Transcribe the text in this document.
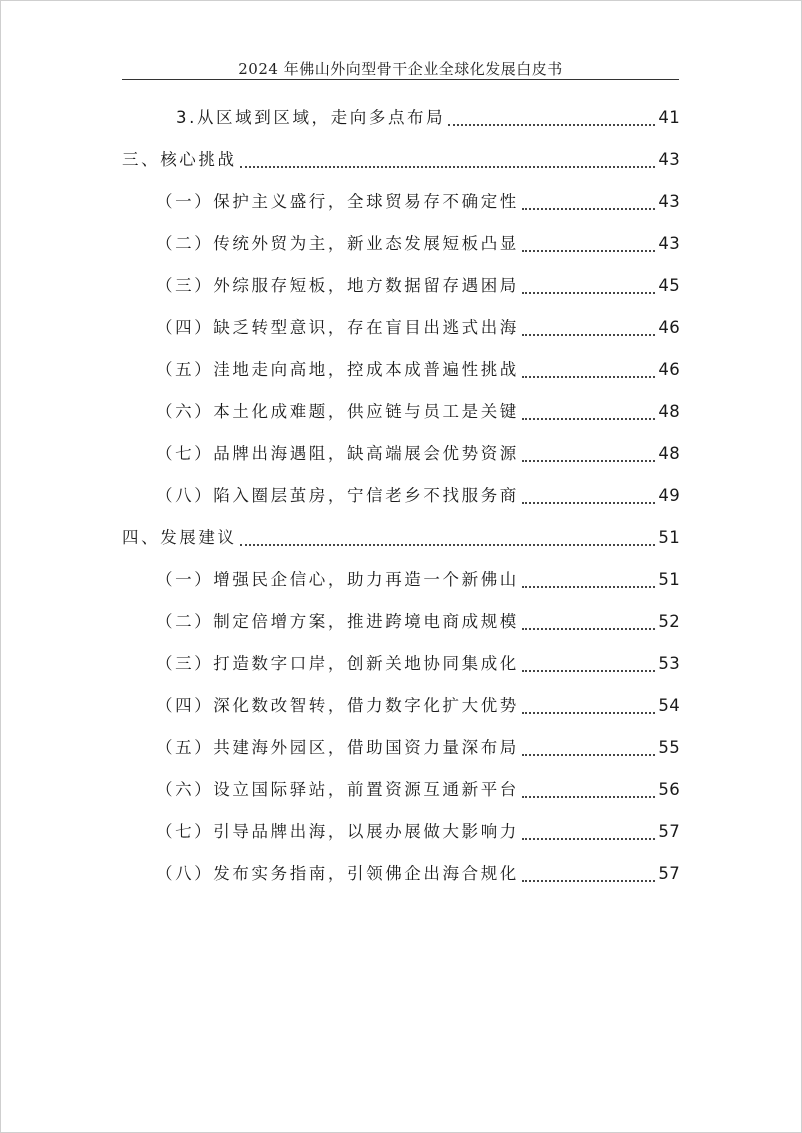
2024 年佛山外向型骨干企业全球化发展白皮书
3.从区域到区域，走向多点布局	41
三、核心挑战	43
（一）保护主义盛行，全球贸易存不确定性	43
（二）传统外贸为主，新业态发展短板凸显	43
（三）外综服存短板，地方数据留存遇困局	45
（四）缺乏转型意识，存在盲目出逃式出海	46
（五）洼地走向高地，控成本成普遍性挑战	46
（六）本土化成难题，供应链与员工是关键	48
（七）品牌出海遇阻，缺高端展会优势资源	48
（八）陷入圈层茧房，宁信老乡不找服务商	49
四、发展建议	51
（一）增强民企信心，助力再造一个新佛山	51
（二）制定倍增方案，推进跨境电商成规模	52
（三）打造数字口岸，创新关地协同集成化	53
（四）深化数改智转，借力数字化扩大优势	54
（五）共建海外园区，借助国资力量深布局	55
（六）设立国际驿站，前置资源互通新平台	56
（七）引导品牌出海，以展办展做大影响力	57
（八）发布实务指南，引领佛企出海合规化	57
